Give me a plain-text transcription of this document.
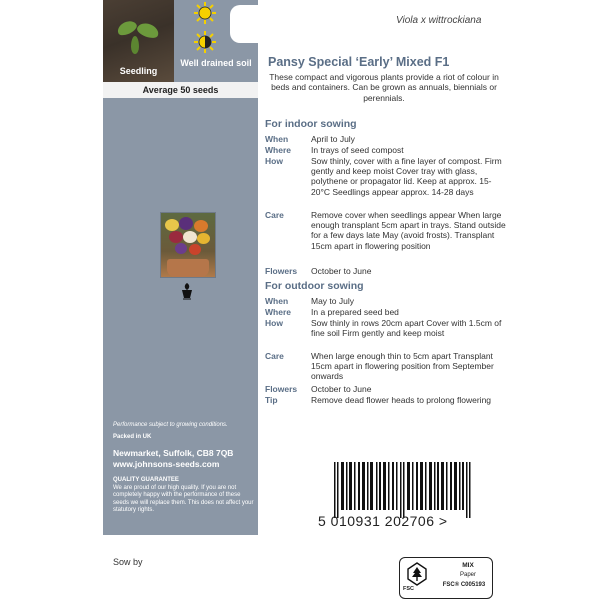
Seedling
Well drained soil
Average 50 seeds
Performance subject to growing conditions.
Packed in UK
Newmarket, Suffolk, CB8 7QB
www.johnsons-seeds.com
QUALITY GUARANTEE
We are proud of our high quality. If you are not completely happy with the performance of these seeds we will replace them. This does not affect your statutory rights.
Viola x wittrockiana
Pansy Special ‘Early’ Mixed F1
These compact and vigorous plants provide a riot of colour in beds and containers. Can be grown as annuals, biennials or perennials.
For indoor sowing
When	April to July
Where	In trays of seed compost
How	Sow thinly, cover with a fine layer of compost. Firm gently and keep moist Cover tray with glass, polythene or propagator lid. Keep at approx. 15-20°C Seedlings appear approx. 14-28 days
Care	Remove cover when seedlings appear When large enough transplant 5cm apart in trays. Stand outside for a few days late May (avoid frosts). Transplant 15cm apart in flowering position
Flowers	October to June
For outdoor sowing
When	May to July
Where	In a prepared seed bed
How	Sow thinly in rows 20cm apart Cover with 1.5cm of fine soil Firm gently and keep moist
Care	When large enough thin to 5cm apart Transplant 15cm apart in flowering position from September onwards
Flowers	October to June
Tip	Remove dead flower heads to prolong flowering
5 010931 202706 >
Sow by
FSC
MIX
Paper
FSC® C005193
